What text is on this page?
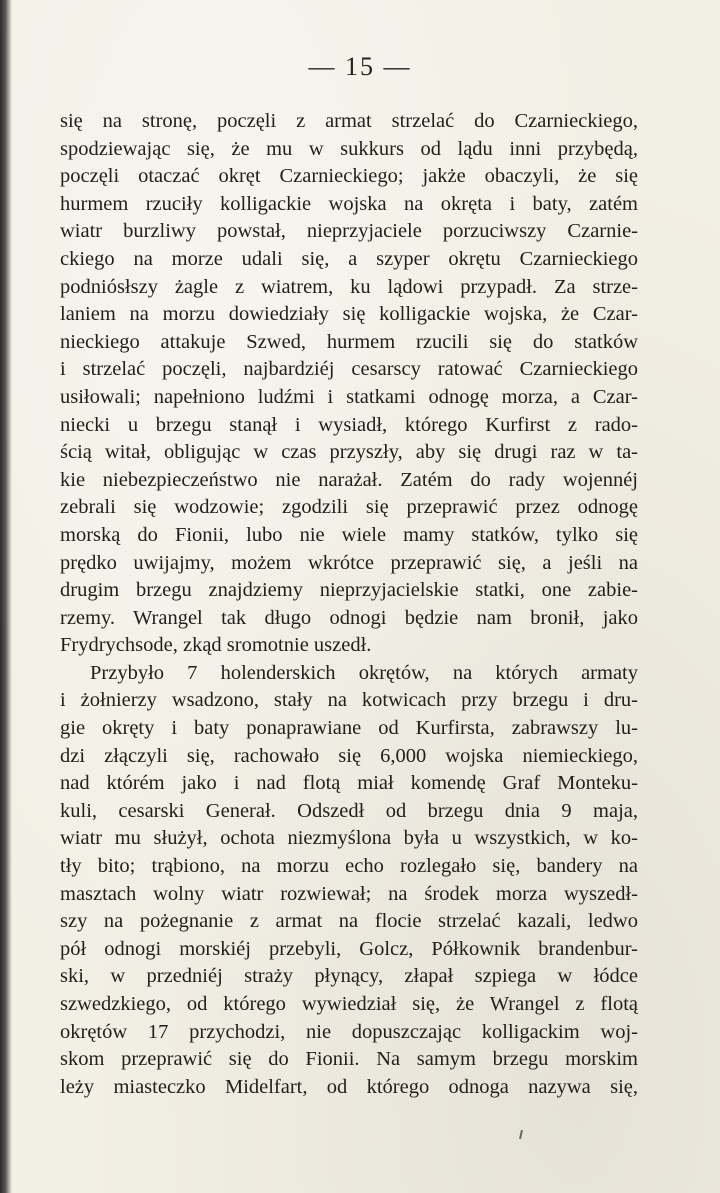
— 15 —
się na stronę, poczęli z armat strzelać do Czarnieckiego,
spodziewając się, że mu w sukkurs od lądu inni przybędą,
poczęli otaczać okręt Czarnieckiego; jakże obaczyli, że się
hurmem rzuciły kolligackie wojska na okręta i baty, zatém
wiatr burzliwy powstał, nieprzyjaciele porzuciwszy Czarnie-
ckiego na morze udali się, a szyper okrętu Czarnieckiego
podniósłszy żagle z wiatrem, ku lądowi przypadł. Za strze-
laniem na morzu dowiedziały się kolligackie wojska, że Czar-
nieckiego attakuje Szwed, hurmem rzucili się do statków
i strzelać poczęli, najbardziéj cesarscy ratować Czarnieckiego
usiłowali; napełniono ludźmi i statkami odnogę morza, a Czar-
niecki u brzegu stanął i wysiadł, którego Kurfirst z rado-
ścią witał, obligując w czas przyszły, aby się drugi raz w ta-
kie niebezpieczeństwo nie narażał. Zatém do rady wojennéj
zebrali się wodzowie; zgodzili się przeprawić przez odnogę
morską do Fionii, lubo nie wiele mamy statków, tylko się
prędko uwijajmy, możem wkrótce przeprawić się, a jeśli na
drugim brzegu znajdziemy nieprzyjacielskie statki, one zabie-
rzemy. Wrangel tak długo odnogi będzie nam bronił, jako
Frydrychsode, zkąd sromotnie uszedł.
Przybyło 7 holenderskich okrętów, na których armaty
i żołnierzy wsadzono, stały na kotwicach przy brzegu i dru-
gie okręty i baty ponaprawiane od Kurfirsta, zabrawszy lu-
dzi złączyli się, rachowało się 6,000 wojska niemieckiego,
nad którém jako i nad flotą miał komendę Graf Monteku-
kuli, cesarski Generał. Odszedł od brzegu dnia 9 maja,
wiatr mu służył, ochota niezmyślona była u wszystkich, w ko-
tły bito; trąbiono, na morzu echo rozlegało się, bandery na
masztach wolny wiatr rozwiewał; na środek morza wyszedł-
szy na pożegnanie z armat na flocie strzelać kazali, ledwo
pół odnogi morskiéj przebyli, Golcz, Półkownik brandenbur-
ski, w przedniéj straży płynący, złapał szpiega w łódce
szwedzkiego, od którego wywiedział się, że Wrangel z flotą
okrętów 17 przychodzi, nie dopuszczając kolligackim woj-
skom przeprawić się do Fionii. Na samym brzegu morskim
leży miasteczko Midelfart, od którego odnoga nazywa się,
